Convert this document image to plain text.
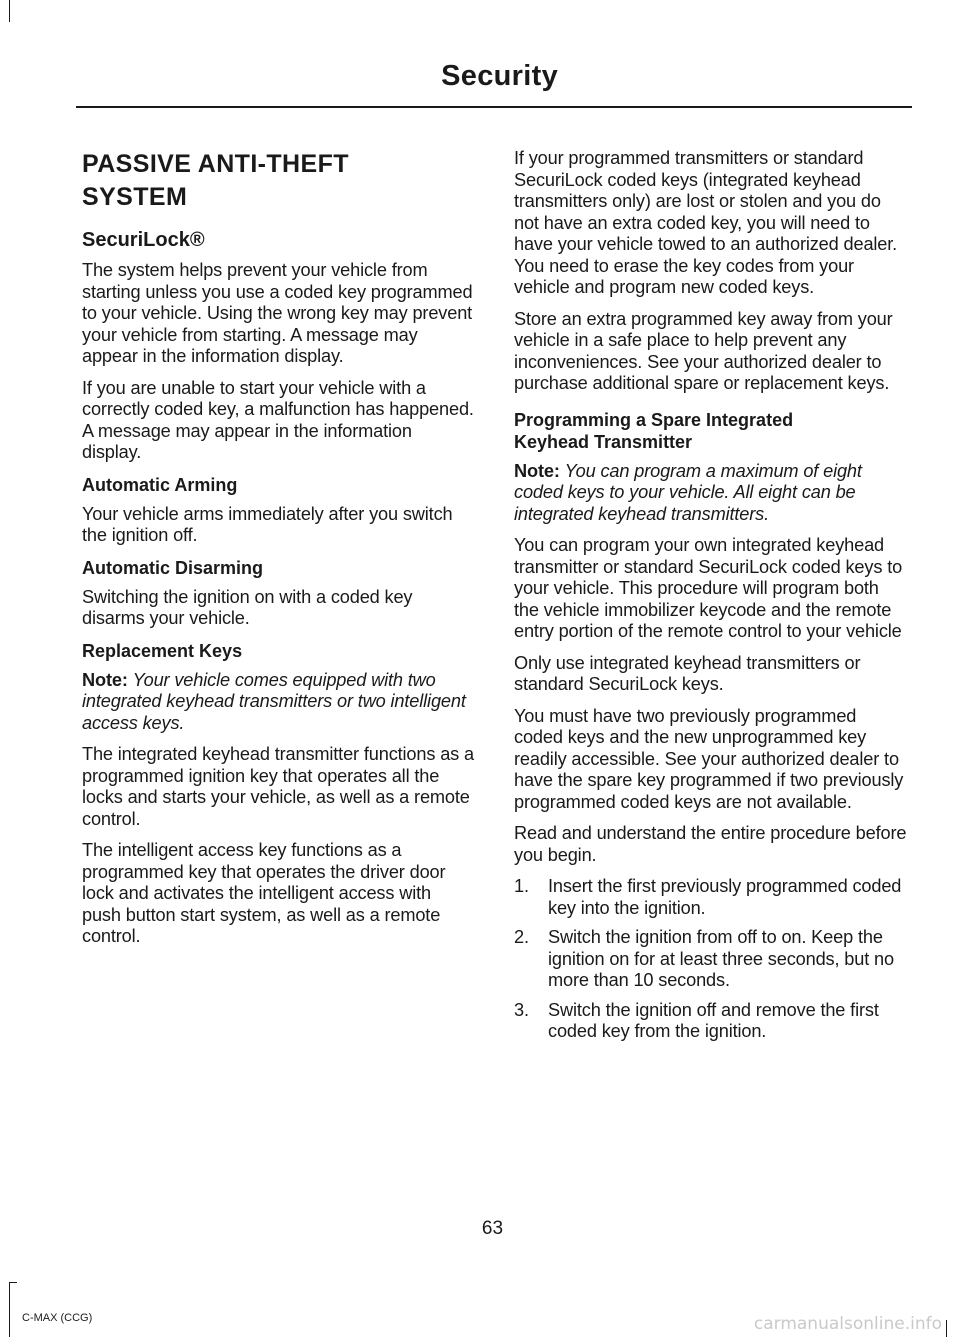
Security
PASSIVE ANTI-THEFT
SYSTEM
SecuriLock®

The system helps prevent your vehicle from starting unless you use a coded key programmed to your vehicle. Using the wrong key may prevent your vehicle from starting. A message may appear in the information display.

If you are unable to start your vehicle with a correctly coded key, a malfunction has happened. A message may appear in the information display.

Automatic Arming

Your vehicle arms immediately after you switch the ignition off.

Automatic Disarming

Switching the ignition on with a coded key disarms your vehicle.

Replacement Keys

Note: Your vehicle comes equipped with two integrated keyhead transmitters or two intelligent access keys.

The integrated keyhead transmitter functions as a programmed ignition key that operates all the locks and starts your vehicle, as well as a remote control.

The intelligent access key functions as a programmed key that operates the driver door lock and activates the intelligent access with push button start system, as well as a remote control.

If your programmed transmitters or standard SecuriLock coded keys (integrated keyhead transmitters only) are lost or stolen and you do not have an extra coded key, you will need to have your vehicle towed to an authorized dealer. You need to erase the key codes from your vehicle and program new coded keys.

Store an extra programmed key away from your vehicle in a safe place to help prevent any inconveniences. See your authorized dealer to purchase additional spare or replacement keys.

Programming a Spare Integrated
Keyhead Transmitter

Note: You can program a maximum of eight coded keys to your vehicle. All eight can be integrated keyhead transmitters.

You can program your own integrated keyhead transmitter or standard SecuriLock coded keys to your vehicle. This procedure will program both the vehicle immobilizer keycode and the remote entry portion of the remote control to your vehicle

Only use integrated keyhead transmitters or standard SecuriLock keys.

You must have two previously programmed coded keys and the new unprogrammed key readily accessible. See your authorized dealer to have the spare key programmed if two previously programmed coded keys are not available.

Read and understand the entire procedure before you begin.

1. Insert the first previously programmed coded key into the ignition.
2. Switch the ignition from off to on. Keep the ignition on for at least three seconds, but no more than 10 seconds.
3. Switch the ignition off and remove the first coded key from the ignition.
63
C-MAX (CCG)	carmanualsonline.info
